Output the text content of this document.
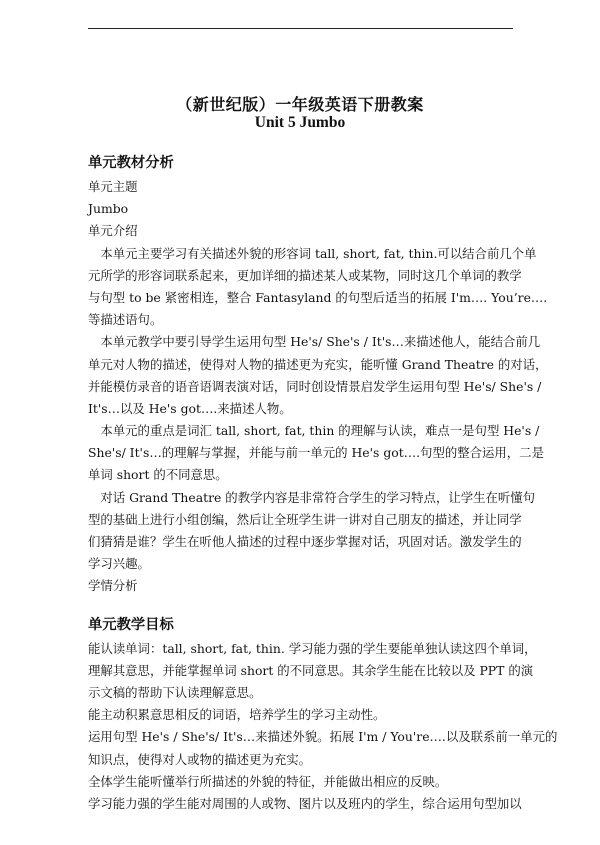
（新世纪版）一年级英语下册教案
Unit 5 Jumbo
单元教材分析
单元主题
Jumbo
单元介绍
　本单元主要学习有关描述外貌的形容词 tall, short, fat, thin.可以结合前几个单
元所学的形容词联系起来，更加详细的描述某人或某物，同时这几个单词的教学
与句型 to be 紧密相连，整合 Fantasyland 的句型后适当的拓展 I'm…. You’re….
等描述语句。
　本单元教学中要引导学生运用句型 He's/ She's / It's…来描述他人，能结合前几
单元对人物的描述，使得对人物的描述更为充实，能听懂 Grand Theatre 的对话，
并能模仿录音的语音语调表演对话，同时创设情景启发学生运用句型 He's/ She's /
It's…以及 He's got….来描述人物。
　本单元的重点是词汇 tall, short, fat, thin 的理解与认读，难点一是句型 He's /
She's/ It's…的理解与掌握，并能与前一单元的 He's got….句型的整合运用，二是
单词 short 的不同意思。
　对话 Grand Theatre 的教学内容是非常符合学生的学习特点，让学生在听懂句
型的基础上进行小组创编，然后让全班学生讲一讲对自己朋友的描述，并让同学
们猜猜是谁？学生在听他人描述的过程中逐步掌握对话，巩固对话。激发学生的
学习兴趣。
学情分析
单元教学目标
能认读单词：tall, short, fat, thin. 学习能力强的学生要能单独认读这四个单词，
理解其意思，并能掌握单词 short 的不同意思。其余学生能在比较以及 PPT 的演
示文稿的帮助下认读理解意思。
能主动积累意思相反的词语，培养学生的学习主动性。
运用句型 He's / She's/ It's…来描述外貌。拓展 I'm / You're….以及联系前一单元的
知识点，使得对人或物的描述更为充实。
全体学生能听懂举行所描述的外貌的特征，并能做出相应的反映。
学习能力强的学生能对周围的人或物、图片以及班内的学生，综合运用句型加以
